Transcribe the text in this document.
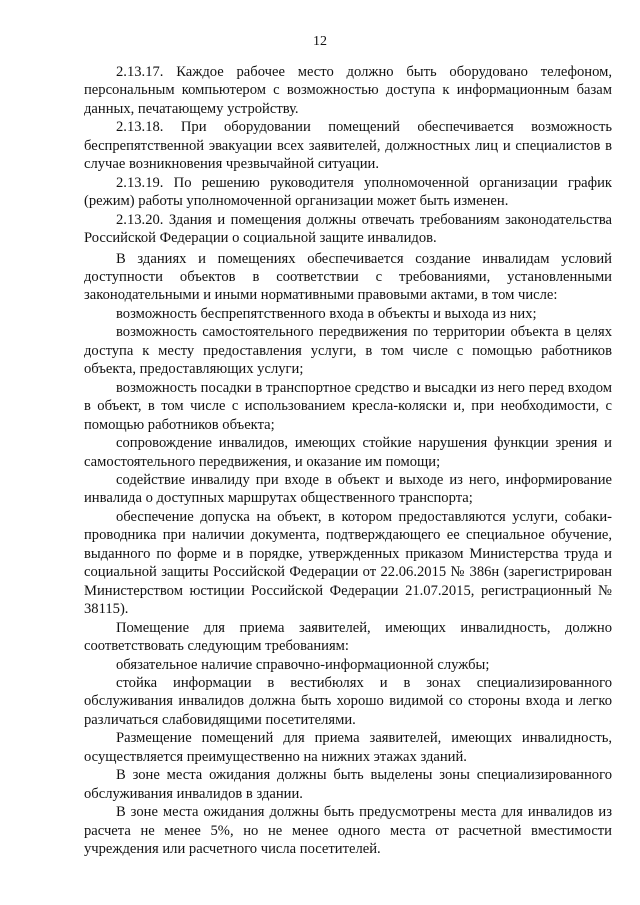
12

2.13.17. Каждое рабочее место должно быть оборудовано телефоном, персональным компьютером с возможностью доступа к информационным базам данных, печатающему устройству.

2.13.18. При оборудовании помещений обеспечивается возможность беспрепятственной эвакуации всех заявителей, должностных лиц и специалистов в случае возникновения чрезвычайной ситуации.

2.13.19. По решению руководителя уполномоченной организации график (режим) работы уполномоченной организации может быть изменен.

2.13.20. Здания и помещения должны отвечать требованиям законодательства Российской Федерации о социальной защите инвалидов.

В зданиях и помещениях обеспечивается создание инвалидам условий доступности объектов в соответствии с требованиями, установленными законодательными и иными нормативными правовыми актами, в том числе:

возможность беспрепятственного входа в объекты и выхода из них;

возможность самостоятельного передвижения по территории объекта в целях доступа к месту предоставления услуги, в том числе с помощью работников объекта, предоставляющих услуги;

возможность посадки в транспортное средство и высадки из него перед входом в объект, в том числе с использованием кресла-коляски и, при необходимости, с помощью работников объекта;

сопровождение инвалидов, имеющих стойкие нарушения функции зрения и самостоятельного передвижения, и оказание им помощи;

содействие инвалиду при входе в объект и выходе из него, информирование инвалида о доступных маршрутах общественного транспорта;

обеспечение допуска на объект, в котором предоставляются услуги, собаки-проводника при наличии документа, подтверждающего ее специальное обучение, выданного по форме и в порядке, утвержденных приказом Министерства труда и социальной защиты Российской Федерации от 22.06.2015 № 386н (зарегистрирован Министерством юстиции Российской Федерации 21.07.2015, регистрационный № 38115).

Помещение для приема заявителей, имеющих инвалидность, должно соответствовать следующим требованиям:

обязательное наличие справочно-информационной службы;

стойка информации в вестибюлях и в зонах специализированного обслуживания инвалидов должна быть хорошо видимой со стороны входа и легко различаться слабовидящими посетителями.

Размещение помещений для приема заявителей, имеющих инвалидность, осуществляется преимущественно на нижних этажах зданий.

В зоне места ожидания должны быть выделены зоны специализированного обслуживания инвалидов в здании.

В зоне места ожидания должны быть предусмотрены места для инвалидов из расчета не менее 5%, но не менее одного места от расчетной вместимости учреждения или расчетного числа посетителей.
